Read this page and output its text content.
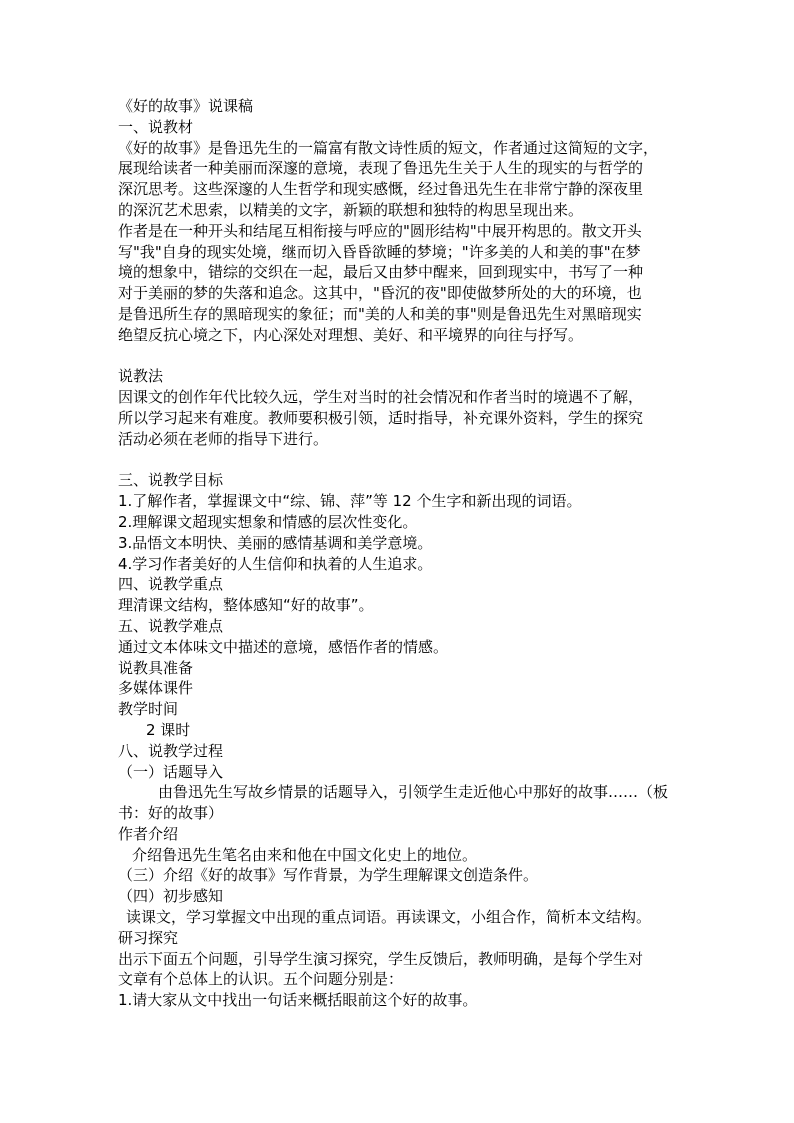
《好的故事》说课稿
一、说教材
《好的故事》是鲁迅先生的一篇富有散文诗性质的短文，作者通过这简短的文字，
展现给读者一种美丽而深邃的意境，表现了鲁迅先生关于人生的现实的与哲学的
深沉思考。这些深邃的人生哲学和现实感慨，经过鲁迅先生在非常宁静的深夜里
的深沉艺术思索，以精美的文字，新颖的联想和独特的构思呈现出来。
作者是在一种开头和结尾互相衔接与呼应的"圆形结构"中展开构思的。散文开头
写"我"自身的现实处境，继而切入昏昏欲睡的梦境；"许多美的人和美的事"在梦
境的想象中，错综的交织在一起，最后又由梦中醒来，回到现实中，书写了一种
对于美丽的梦的失落和追念。这其中，"昏沉的夜"即使做梦所处的大的环境，也
是鲁迅所生存的黑暗现实的象征；而"美的人和美的事"则是鲁迅先生对黑暗现实
绝望反抗心境之下，内心深处对理想、美好、和平境界的向往与抒写。
说教法
因课文的创作年代比较久远，学生对当时的社会情况和作者当时的境遇不了解，
所以学习起来有难度。教师要积极引领，适时指导，补充课外资料，学生的探究
活动必须在老师的指导下进行。
三、说教学目标
1.了解作者，掌握课文中“综、锦、萍”等 12 个生字和新出现的词语。
2.理解课文超现实想象和情感的层次性变化。
3.品悟文本明快、美丽的感情基调和美学意境。
4.学习作者美好的人生信仰和执着的人生追求。
四、说教学重点
理清课文结构，整体感知“好的故事”。
五、说教学难点
通过文本体味文中描述的意境，感悟作者的情感。
说教具准备
多媒体课件
教学时间
2 课时
八、说教学过程
（一）话题导入
由鲁迅先生写故乡情景的话题导入，引领学生走近他心中那好的故事……（板
书：好的故事）
作者介绍
介绍鲁迅先生笔名由来和他在中国文化史上的地位。
（三）介绍《好的故事》写作背景，为学生理解课文创造条件。
（四）初步感知
读课文，学习掌握文中出现的重点词语。再读课文，小组合作，简析本文结构。
研习探究
出示下面五个问题，引导学生演习探究，学生反馈后，教师明确，是每个学生对
文章有个总体上的认识。五个问题分别是：
1.请大家从文中找出一句话来概括眼前这个好的故事。
